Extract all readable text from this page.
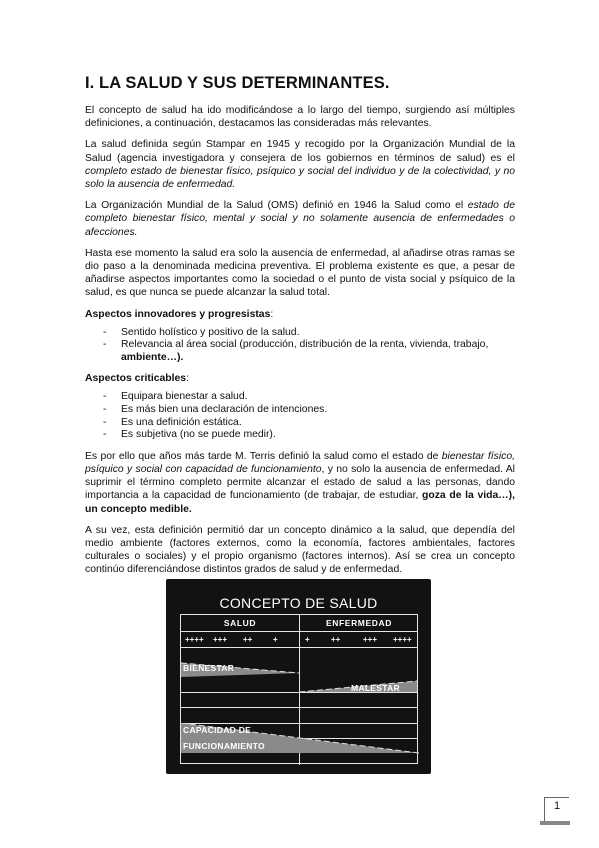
I. LA SALUD Y SUS DETERMINANTES.

El concepto de salud ha ido modificándose a lo largo del tiempo, surgiendo así múltiples definiciones, a continuación, destacamos las consideradas más relevantes.

La salud definida según Stampar en 1945 y recogido por la Organización Mundial de la Salud (agencia investigadora y consejera de los gobiernos en términos de salud) es el completo estado de bienestar físico, psíquico y social del individuo y de la colectividad, y no solo la ausencia de enfermedad.

La Organización Mundial de la Salud (OMS) definió en 1946 la Salud como el estado de completo bienestar físico, mental y social y no solamente ausencia de enfermedades o afecciones.

Hasta ese momento la salud era solo la ausencia de enfermedad, al añadirse otras ramas se dio paso a la denominada medicina preventiva. El problema existente es que, a pesar de añadirse aspectos importantes como la sociedad o el punto de vista social y psíquico de la salud, es que nunca se puede alcanzar la salud total.

Aspectos innovadores y progresistas:
- Sentido holístico y positivo de la salud.
- Relevancia al área social (producción, distribución de la renta, vivienda, trabajo, ambiente…).
Aspectos criticables:
- Equipara bienestar a salud.
- Es más bien una declaración de intenciones.
- Es una definición estática.
- Es subjetiva (no se puede medir).

Es por ello que años más tarde M. Terris definió la salud como el estado de bienestar físico, psíquico y social con capacidad de funcionamiento, y no solo la ausencia de enfermedad. Al suprimir el término completo permite alcanzar el estado de salud a las personas, dando importancia a la capacidad de funcionamiento (de trabajar, de estudiar, goza de la vida…), un concepto medible.

A su vez, esta definición permitió dar un concepto dinámico a la salud, que dependía del medio ambiente (factores externos, como la economía, factores ambientales, factores culturales o sociales) y el propio organismo (factores internos). Así se crea un concepto continúo diferenciándose distintos grados de salud y de enfermedad.

CONCEPTO DE SALUD
SALUD	ENFERMEDAD
++++ +++ ++	+	+	++	+++ ++++
BIENESTAR
MALESTAR
CAPACIDAD DE
FUNCIONAMIENTO
1
